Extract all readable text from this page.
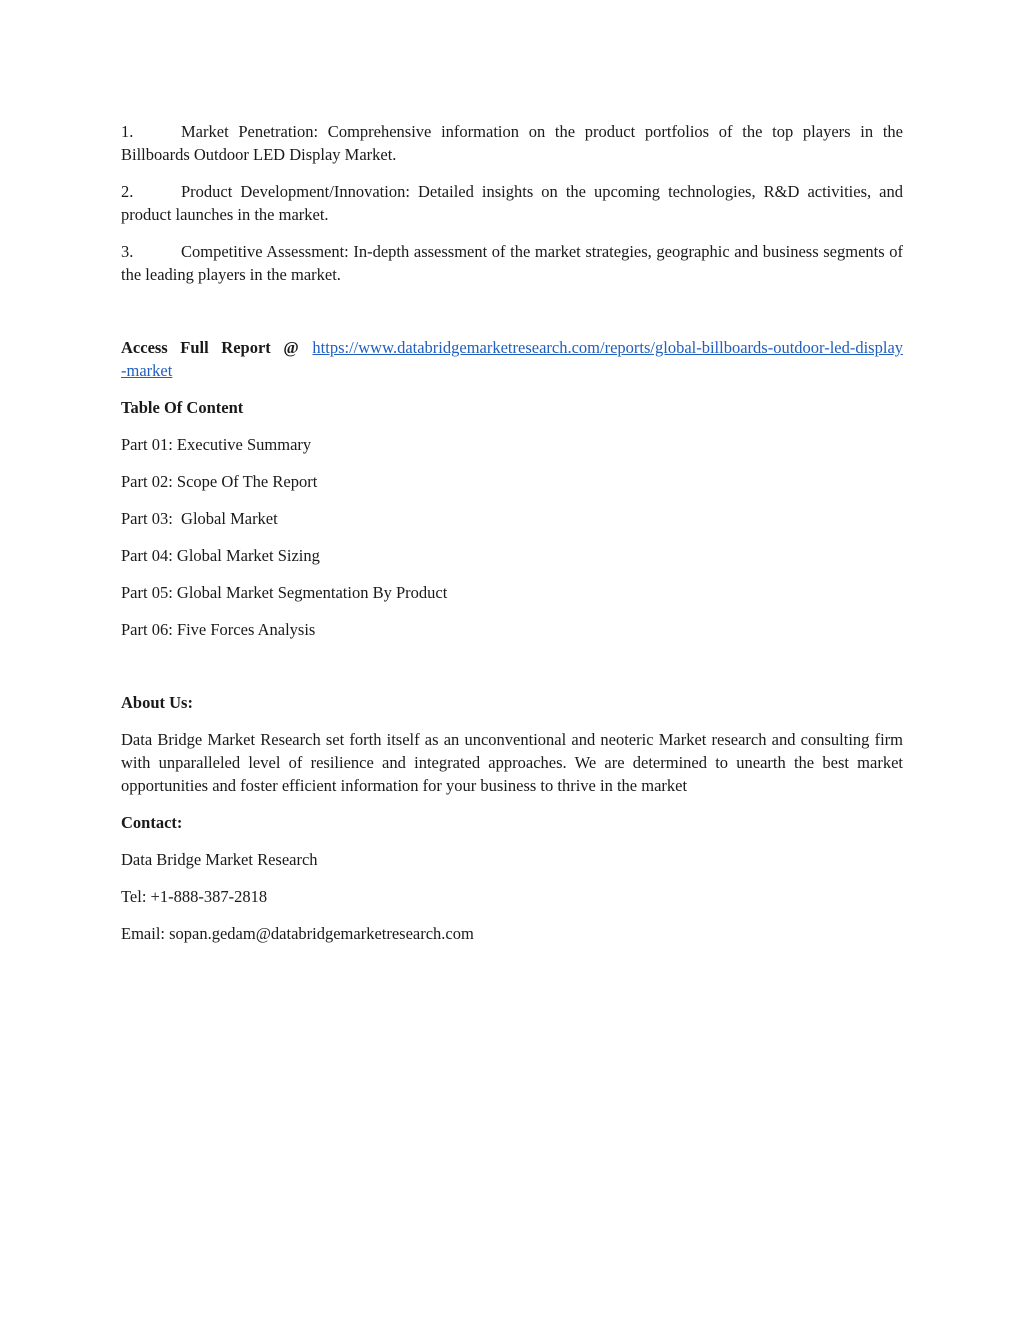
1.	Market Penetration: Comprehensive information on the product portfolios of the top players in the Billboards Outdoor LED Display Market.

2.	Product Development/Innovation: Detailed insights on the upcoming technologies, R&D activities, and product launches in the market.

3.	Competitive Assessment: In-depth assessment of the market strategies, geographic and business segments of the leading players in the market.

Access Full Report @ https://www.databridgemarketresearch.com/reports/global-billboards-outdoor-led-display-market

Table Of Content

Part 01: Executive Summary

Part 02: Scope Of The Report

Part 03:  Global Market

Part 04: Global Market Sizing

Part 05: Global Market Segmentation By Product

Part 06: Five Forces Analysis

About Us:

Data Bridge Market Research set forth itself as an unconventional and neoteric Market research and consulting firm with unparalleled level of resilience and integrated approaches. We are determined to unearth the best market opportunities and foster efficient information for your business to thrive in the market

Contact:

Data Bridge Market Research

Tel: +1-888-387-2818

Email: sopan.gedam@databridgemarketresearch.com
